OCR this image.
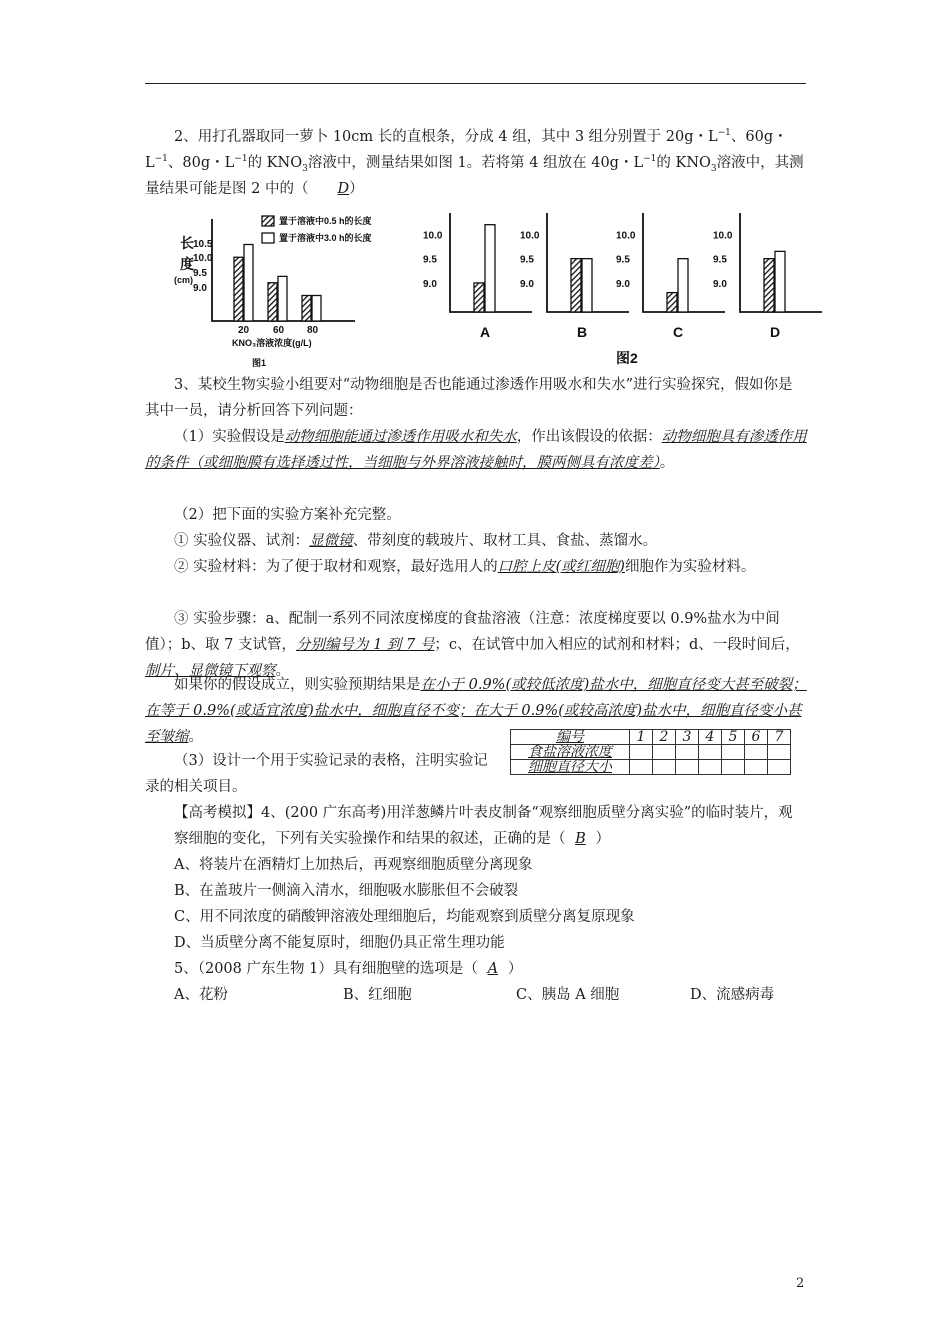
2、用打孔器取同一萝卜 10cm 长的直根条，分成 4 组，其中 3 组分别置于 20g・$L^{-1}$、60g・$L^{-1}$、80g・$L^{-1}$的 $KNO_3$溶液中，测量结果如图 1。若将第 4 组放在 40g・$L^{-1}$的 $KNO_3$溶液中，其测量结果可能是图 2 中的（ D）

长
度
(cm)
10.5
10.0
9.5
9.0
20 60 80
KNO₃溶液浓度(g/L)
图1
置于溶液中0.5 h的长度
置于溶液中3.0 h的长度	10.0
9.5
9.0
A
10.0
9.5
9.0
B
10.0
9.5
9.0
C
10.0
9.5
9.0
D
图2

3、某校生物实验小组要对“动物细胞是否也能通过渗透作用吸水和失水”进行实验探究，假如你是其中一员，请分析回答下列问题：

（1）实验假设是动物细胞能通过渗透作用吸水和失水，作出该假设的依据：动物细胞具有渗透作用的条件（或细胞膜有选择透过性，当细胞与外界溶液接触时，膜两侧具有浓度差）。

（2）把下面的实验方案补充完整。

① 实验仪器、试剂：显微镜、带刻度的载玻片、取材工具、食盐、蒸馏水。

② 实验材料：为了便于取材和观察，最好选用人的口腔上皮(或红细胞)细胞作为实验材料。

③ 实验步骤：a、配制一系列不同浓度梯度的食盐溶液（注意：浓度梯度要以 0.9%盐水为中间值）；b、取 7 支试管，分别编号为 1 到 7 号；c、在试管中加入相应的试剂和材料；d、一段时间后，制片、显微镜下观察。

如果你的假设成立，则实验预期结果是在小于 0.9%(或较低浓度)盐水中，细胞直径变大甚至破裂；在等于 0.9%(或适宜浓度)盐水中，细胞直径不变；在大于 0.9%(或较高浓度)盐水中，细胞直径变小甚至皱缩。

（3）设计一个用于实验记录的表格，注明实验记录的相关项目。

编号	1	2	3	4	5	6	7
食盐溶液浓度							
细胞直径大小							

【高考模拟】4、(200 广东高考)用洋葱鳞片叶表皮制备“观察细胞质壁分离实验”的临时装片，观察细胞的变化，下列有关实验操作和结果的叙述，正确的是（ B ）

A、将装片在酒精灯上加热后，再观察细胞质壁分离现象

B、在盖玻片一侧滴入清水，细胞吸水膨胀但不会破裂

C、用不同浓度的硝酸钾溶液处理细胞后，均能观察到质壁分离复原现象

D、当质壁分离不能复原时，细胞仍具正常生理功能

5、（2008 广东生物 1）具有细胞壁的选项是（ A ）

A、花粉	B、红细胞	C、胰岛 A 细胞	D、流感病毒

2
